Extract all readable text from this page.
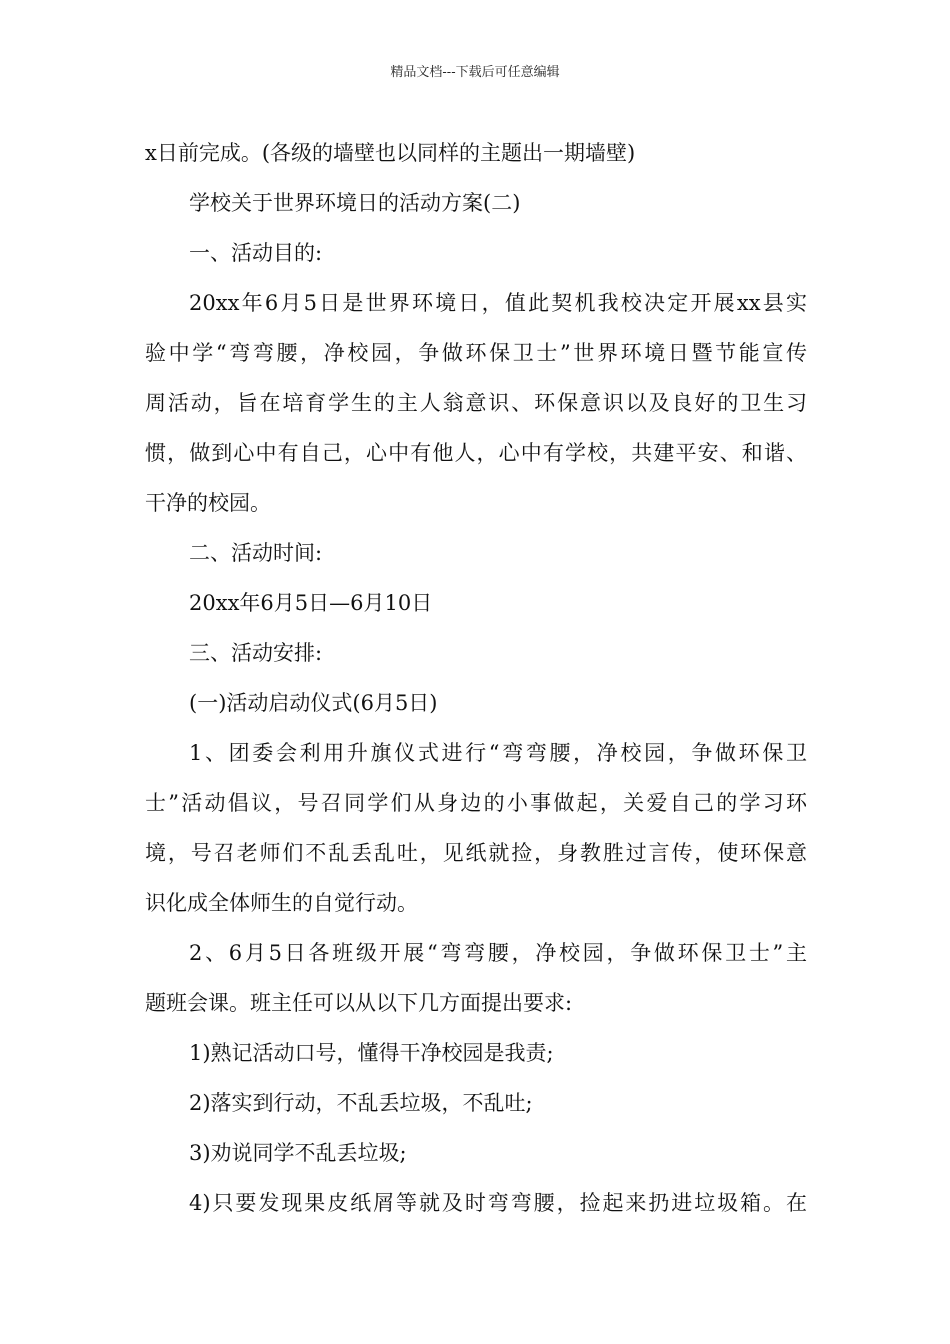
精品文档---下载后可任意编辑
x日前完成。(各级的墙壁也以同样的主题出一期墙壁)
学校关于世界环境日的活动方案(二)
一、活动目的:
20xx年6月5日是世界环境日，值此契机我校决定开展xx县实
验中学“弯弯腰，净校园，争做环保卫士”世界环境日暨节能宣传
周活动，旨在培育学生的主人翁意识、环保意识以及良好的卫生习
惯，做到心中有自己，心中有他人，心中有学校，共建平安、和谐、
干净的校园。
二、活动时间:
20xx年6月5日—6月10日
三、活动安排:
(一)活动启动仪式(6月5日)
1、团委会利用升旗仪式进行“弯弯腰，净校园，争做环保卫
士”活动倡议，号召同学们从身边的小事做起，关爱自己的学习环
境，号召老师们不乱丢乱吐，见纸就捡，身教胜过言传，使环保意
识化成全体师生的自觉行动。
2、6月5日各班级开展“弯弯腰，净校园，争做环保卫士”主
题班会课。班主任可以从以下几方面提出要求:
1)熟记活动口号，懂得干净校园是我责;
2)落实到行动，不乱丢垃圾，不乱吐;
3)劝说同学不乱丢垃圾;
4)只要发现果皮纸屑等就及时弯弯腰，捡起来扔进垃圾箱。在
